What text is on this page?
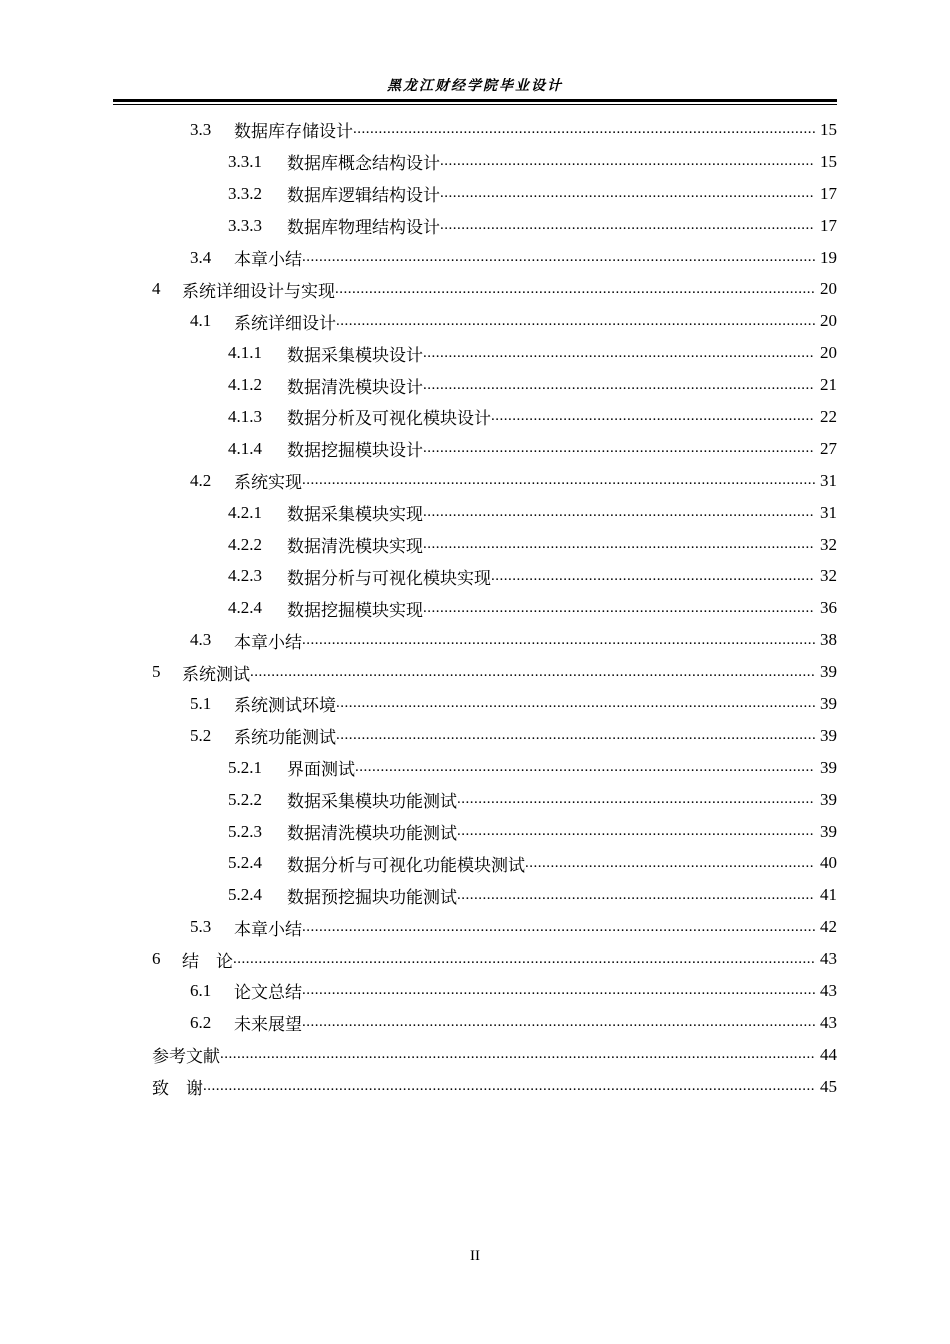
黑龙江财经学院毕业设计
3.3	数据库存储设计 .....	15
3.3.1	数据库概念结构设计 .....	15
3.3.2	数据库逻辑结构设计 .....	17
3.3.3	数据库物理结构设计 .....	17
3.4	本章小结 .....	19
4	系统详细设计与实现 .....	20
4.1	系统详细设计 .....	20
4.1.1	数据采集模块设计 .....	20
4.1.2	数据清洗模块设计 .....	21
4.1.3	数据分析及可视化模块设计 .....	22
4.1.4	数据挖掘模块设计 .....	27
4.2	系统实现 .....	31
4.2.1	数据采集模块实现 .....	31
4.2.2	数据清洗模块实现 .....	32
4.2.3	数据分析与可视化模块实现 .....	32
4.2.4	数据挖掘模块实现 .....	36
4.3	本章小结 .....	38
5	系统测试 .....	39
5.1	系统测试环境 .....	39
5.2	系统功能测试 .....	39
5.2.1	界面测试 .....	39
5.2.2	数据采集模块功能测试 .....	39
5.2.3	数据清洗模块功能测试 .....	39
5.2.4	数据分析与可视化功能模块测试 .....	40
5.2.4	数据预挖掘块功能测试 .....	41
5.3	本章小结 .....	42
6	结    论 .....	43
6.1	论文总结 .....	43
6.2	未来展望 .....	43
参考文献 .....	44
致    谢 .....	45
II
